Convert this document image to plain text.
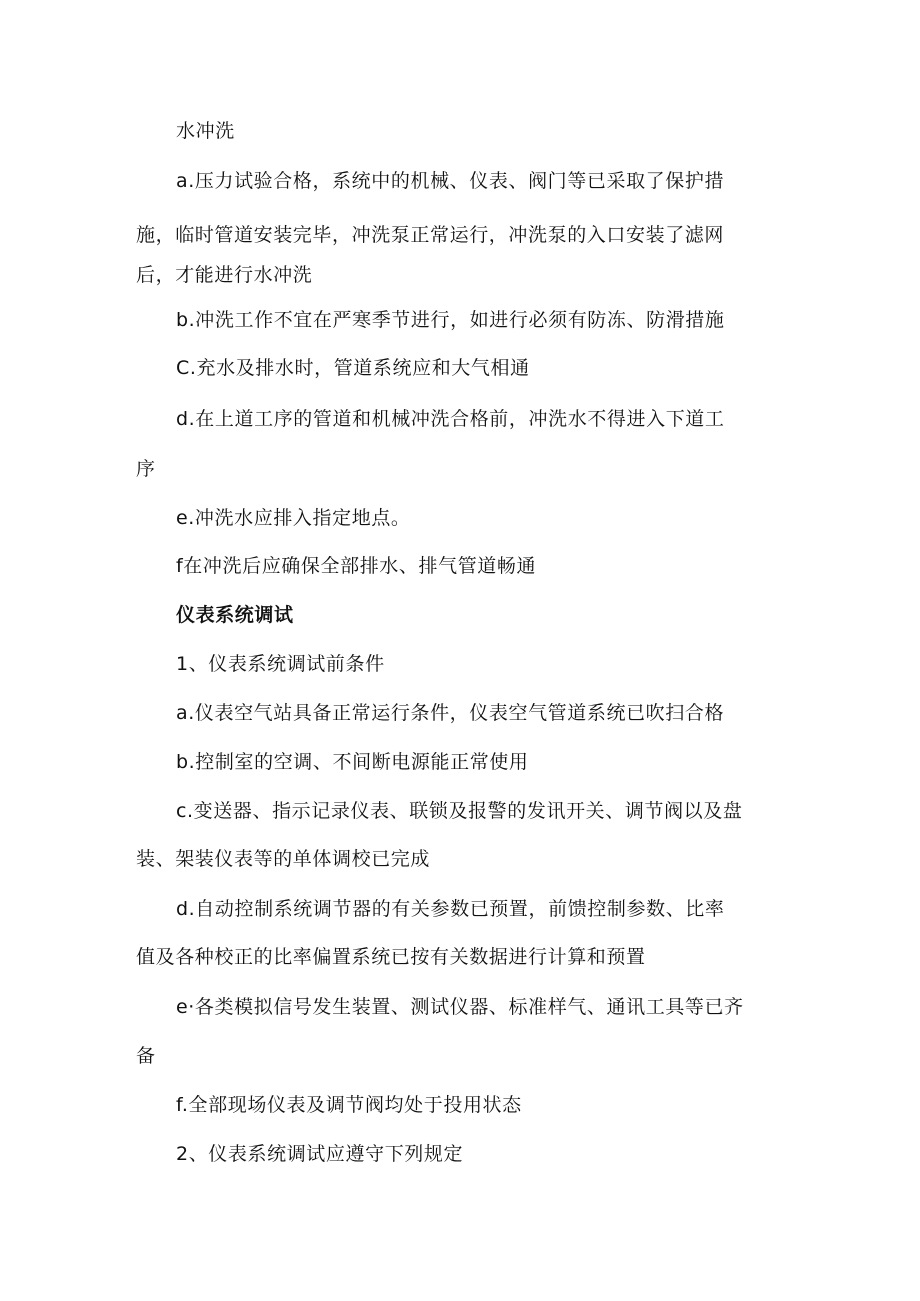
水冲洗
a.压力试验合格，系统中的机械、仪表、阀门等已采取了保护措
施，临时管道安装完毕，冲洗泵正常运行，冲洗泵的入口安装了滤网
后，才能进行水冲洗
b.冲洗工作不宜在严寒季节进行，如进行必须有防冻、防滑措施
C.充水及排水时，管道系统应和大气相通
d.在上道工序的管道和机械冲洗合格前，冲洗水不得进入下道工
序
e.冲洗水应排入指定地点。
f在冲洗后应确保全部排水、排气管道畅通
仪表系统调试
1、仪表系统调试前条件
a.仪表空气站具备正常运行条件，仪表空气管道系统已吹扫合格
b.控制室的空调、不间断电源能正常使用
c.变送器、指示记录仪表、联锁及报警的发讯开关、调节阀以及盘
装、架装仪表等的单体调校已完成
d.自动控制系统调节器的有关参数已预置，前馈控制参数、比率
值及各种校正的比率偏置系统已按有关数据进行计算和预置
e·各类模拟信号发生装置、测试仪器、标准样气、通讯工具等已齐
备
f.全部现场仪表及调节阀均处于投用状态
2、仪表系统调试应遵守下列规定
